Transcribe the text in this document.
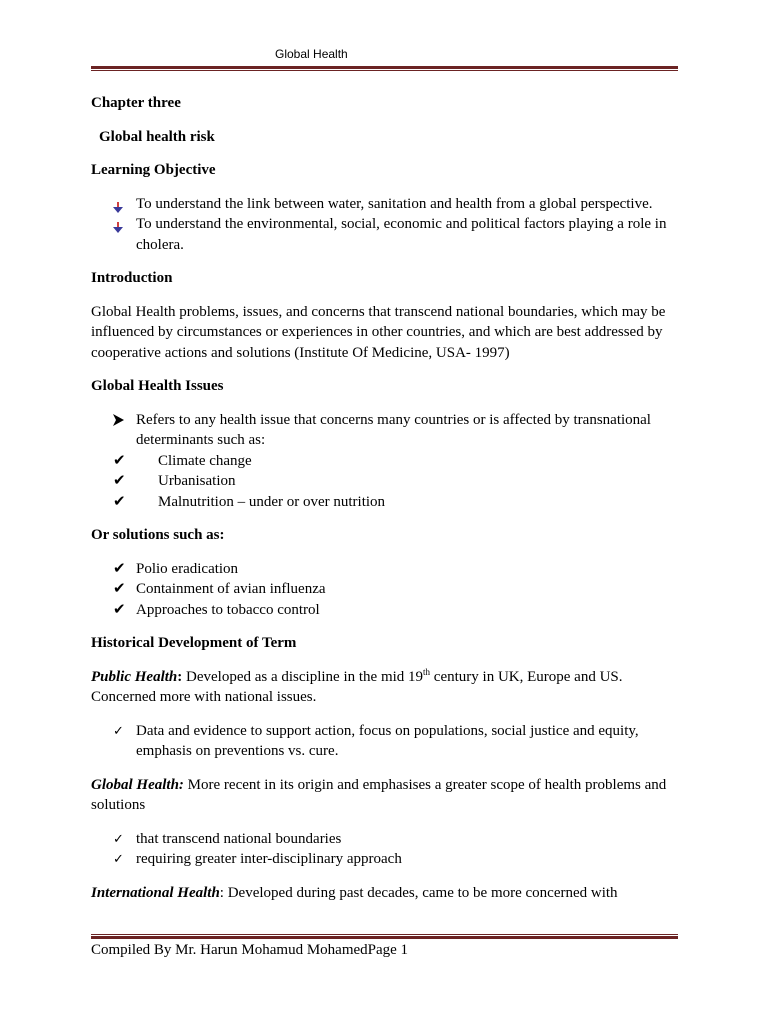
Global Health

Chapter three

Global health risk

Learning Objective

To understand the link between water, sanitation and health from a global perspective.
To understand the environmental, social, economic and political factors playing a role in cholera.

Introduction

Global Health problems, issues, and concerns that transcend national boundaries, which may be influenced by circumstances or experiences in other countries, and which are best addressed by cooperative actions and solutions (Institute Of Medicine, USA- 1997)

Global Health Issues

Refers to any health issue that concerns many countries or is affected by transnational determinants such as:
✔ Climate change
✔ Urbanisation
✔ Malnutrition – under or over nutrition

Or solutions such as:

✔ Polio eradication
✔ Containment of avian influenza
✔ Approaches to tobacco control

Historical Development of Term

Public Health: Developed as a discipline in the mid 19th century in UK, Europe and US. Concerned more with national issues.

✓ Data and evidence to support action, focus on populations, social justice and equity, emphasis on preventions vs. cure.

Global Health: More recent in its origin and emphasises a greater scope of health problems and solutions

✓ that transcend national boundaries
✓ requiring greater inter-disciplinary approach

International Health: Developed during past decades, came to be more concerned with

Compiled By Mr. Harun Mohamud MohamedPage 1
